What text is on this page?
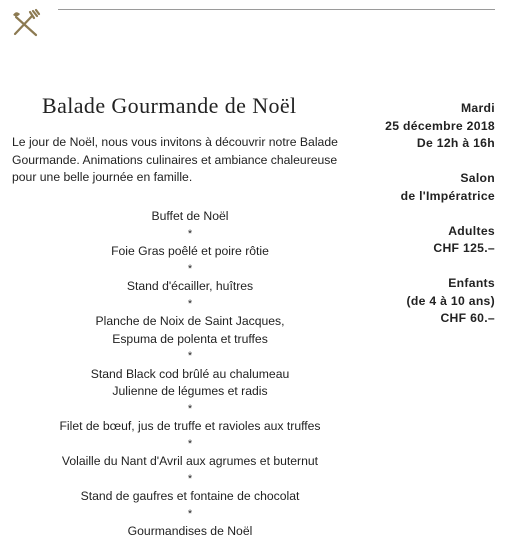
Balade Gourmande de Noël

Le jour de Noël, nous vous invitons à découvrir notre Balade Gourmande. Animations culinaires et ambiance chaleureuse pour une belle journée en famille.

Buffet de Noël
*
Foie Gras poêlé et poire rôtie
*
Stand d'écailler, huîtres
*
Planche de Noix de Saint Jacques,
Espuma de polenta et truffes
*
Stand Black cod brûlé au chalumeau
Julienne de légumes et radis
*
Filet de bœuf, jus de truffe et ravioles aux truffes
*
Volaille du Nant d'Avril aux agrumes et buternut
*
Stand de gaufres et fontaine de chocolat
*
Gourmandises de Noël
Mardi
25 décembre 2018
De 12h à 16h
Salon
de l'Impératrice
Adultes
CHF 125.–
Enfants
(de 4 à 10 ans)
CHF 60.–
